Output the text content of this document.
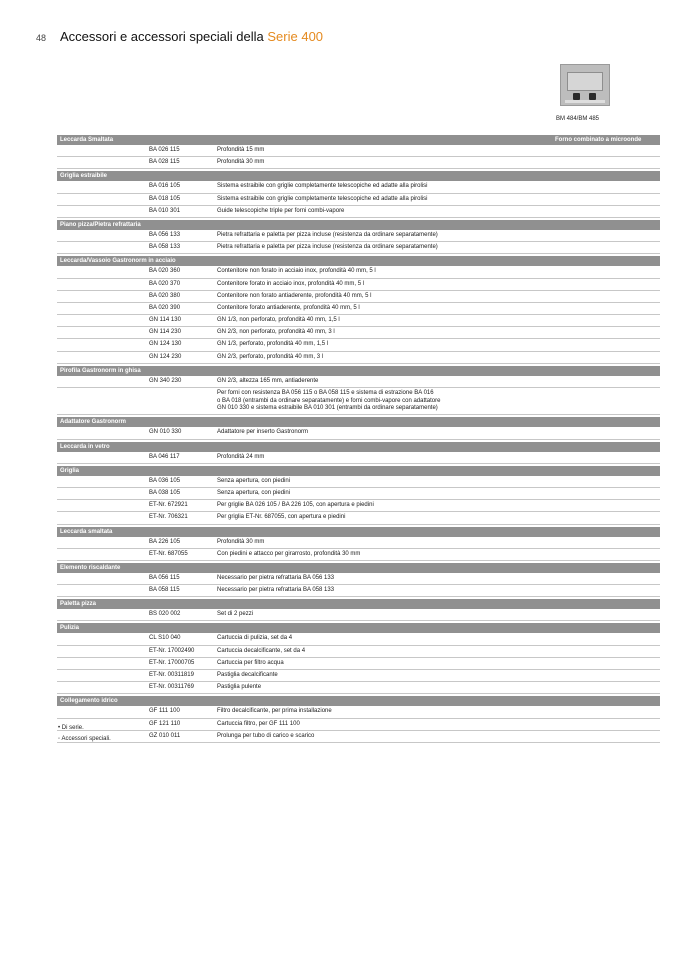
48 Accessori e accessori speciali della Serie 400
BM 484/BM 485
Leccarda Smaltata	Forno combinato a microonde
BA 026 115	Profondità 15 mm
BA 028 115	Profondità 30 mm
Griglia estraibile
BA 016 105	Sistema estraibile con griglie completamente telescopiche ed adatte alla pirolisi
BA 018 105	Sistema estraibile con griglie completamente telescopiche ed adatte alla pirolisi
BA 010 301	Guide telescopiche triple per forni combi-vapore
Piano pizza/Pietra refrattaria
BA 056 133	Pietra refrattaria e paletta per pizza incluse (resistenza da ordinare separatamente)
BA 058 133	Pietra refrattaria e paletta per pizza incluse (resistenza da ordinare separatamente)
Leccarda/Vassoio Gastronorm in acciaio
BA 020 360	Contenitore non forato in acciaio inox, profondità 40 mm, 5 l
BA 020 370	Contenitore forato in acciaio inox, profondità 40 mm, 5 l
BA 020 380	Contenitore non forato antiaderente, profondità 40 mm, 5 l
BA 020 390	Contenitore forato antiaderente, profondità 40 mm, 5 l
GN 114 130	GN 1/3, non perforato, profondità 40 mm, 1,5 l
GN 114 230	GN 2/3, non perforato, profondità 40 mm, 3 l
GN 124 130	GN 1/3, perforato, profondità 40 mm, 1,5 l
GN 124 230	GN 2/3, perforato, profondità 40 mm, 3 l
Pirofila Gastronorm in ghisa
GN 340 230	GN 2/3, altezza 165 mm, antiaderente
Per forni con resistenza BA 056 115 o BA 058 115 e sistema di estrazione BA 016
o BA 018 (entrambi da ordinare separatamente) e forni combi-vapore con adattatore
GN 010 330 e sistema estraibile BA 010 301 (entrambi da ordinare separatamente)
Adattatore Gastronorm
GN 010 330	Adattatore per inserto Gastronorm
Leccarda in vetro
BA 046 117	Profondità 24 mm
Griglia
BA 036 105	Senza apertura, con piedini
BA 038 105	Senza apertura, con piedini
ET-Nr. 672921	Per griglie BA 026 105 / BA 226 105, con apertura e piedini
ET-Nr. 706321	Per griglia ET-Nr. 687055, con apertura e piedini
Leccarda smaltata
BA 226 105	Profondità 30 mm
ET-Nr. 687055	Con piedini e attacco per girarrosto, profondità 30 mm
Elemento riscaldante
BA 056 115	Necessario per pietra refrattaria BA 056 133
BA 058 115	Necessario per pietra refrattaria BA 058 133
Paletta pizza
BS 020 002	Set di 2 pezzi
Pulizia
CL S10 040	Cartuccia di pulizia, set da 4
ET-Nr. 17002490	Cartuccia decalcificante, set da 4
ET-Nr. 17000705	Cartuccia per filtro acqua
ET-Nr. 00311819	Pastiglia decalcificante
ET-Nr. 00311769	Pastiglia pulente
Collegamento idrico
GF 111 100	Filtro decalcificante, per prima installazione
GF 121 110	Cartuccia filtro, per GF 111 100
GZ 010 011	Prolunga per tubo di carico e scarico
• Di serie.
◦ Accessori speciali.
